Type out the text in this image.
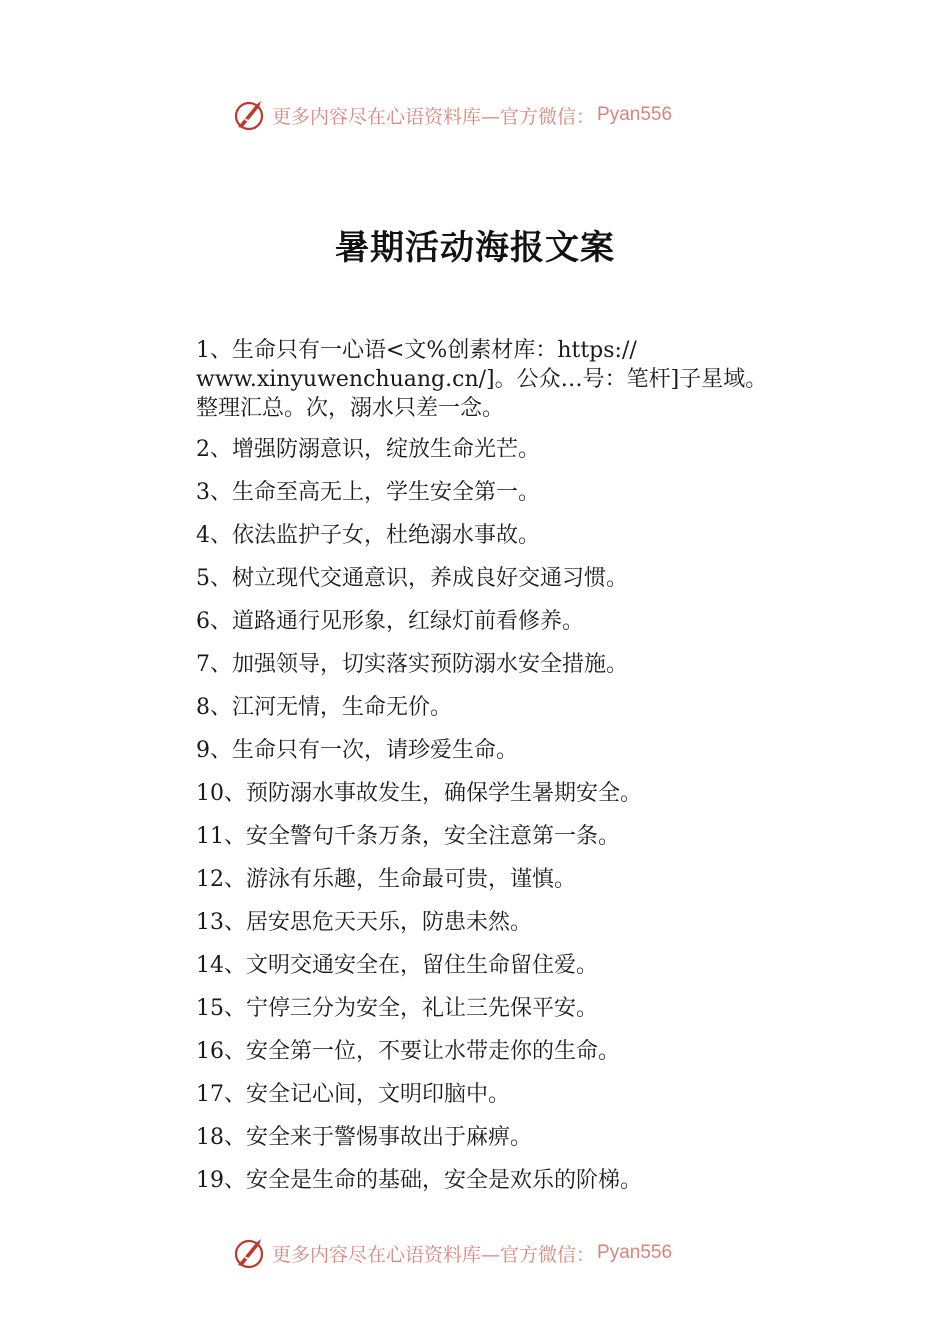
更多内容尽在心语资料库—官方微信： Pyan556
暑期活动海报文案
1、生命只有一心语<文%创素材库：https://
www.xinyuwenchuang.cn/]。公众…号：笔杆]子星域。
整理汇总。次，溺水只差一念。
2、增强防溺意识，绽放生命光芒。
3、生命至高无上，学生安全第一。
4、依法监护子女，杜绝溺水事故。
5、树立现代交通意识，养成良好交通习惯。
6、道路通行见形象，红绿灯前看修养。
7、加强领导，切实落实预防溺水安全措施。
8、江河无情，生命无价。
9、生命只有一次，请珍爱生命。
10、预防溺水事故发生，确保学生暑期安全。
11、安全警句千条万条，安全注意第一条。
12、游泳有乐趣，生命最可贵，谨慎。
13、居安思危天天乐，防患未然。
14、文明交通安全在，留住生命留住爱。
15、宁停三分为安全，礼让三先保平安。
16、安全第一位，不要让水带走你的生命。
17、安全记心间，文明印脑中。
18、安全来于警惕事故出于麻痹。
19、安全是生命的基础，安全是欢乐的阶梯。
更多内容尽在心语资料库—官方微信： Pyan556
